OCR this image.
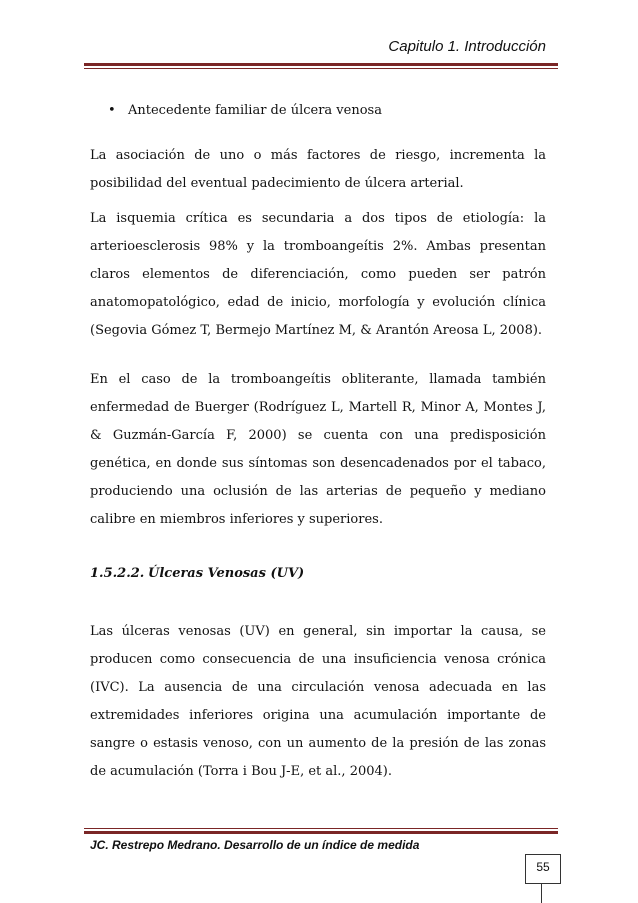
Capitulo 1. Introducción
• Antecedente familiar de úlcera venosa

La asociación de uno o más factores de riesgo, incrementa la posibilidad del eventual padecimiento de úlcera arterial.

La isquemia crítica es secundaria a dos tipos de etiología: la arterioesclerosis 98% y la tromboangeítis 2%. Ambas presentan claros elementos de diferenciación, como pueden ser patrón anatomopatológico, edad de inicio, morfología y evolución clínica (Segovia Gómez T, Bermejo Martínez M, & Arantón Areosa L, 2008).

En el caso de la tromboangeítis obliterante, llamada también enfermedad de Buerger (Rodríguez L, Martell R, Minor A, Montes J, & Guzmán-García F, 2000) se cuenta con una predisposición genética, en donde sus síntomas son desencadenados por el tabaco, produciendo una oclusión de las arterias de pequeño y mediano calibre en miembros inferiores y superiores.

1.5.2.2. Úlceras Venosas (UV)

Las úlceras venosas (UV) en general, sin importar la causa, se producen como consecuencia de una insuficiencia venosa crónica (IVC). La ausencia de una circulación venosa adecuada en las extremidades inferiores origina una acumulación importante de sangre o estasis venoso, con un aumento de la presión de las zonas de acumulación (Torra i Bou J-E, et al., 2004).

JC. Restrepo Medrano. Desarrollo de un índice de medida
55
